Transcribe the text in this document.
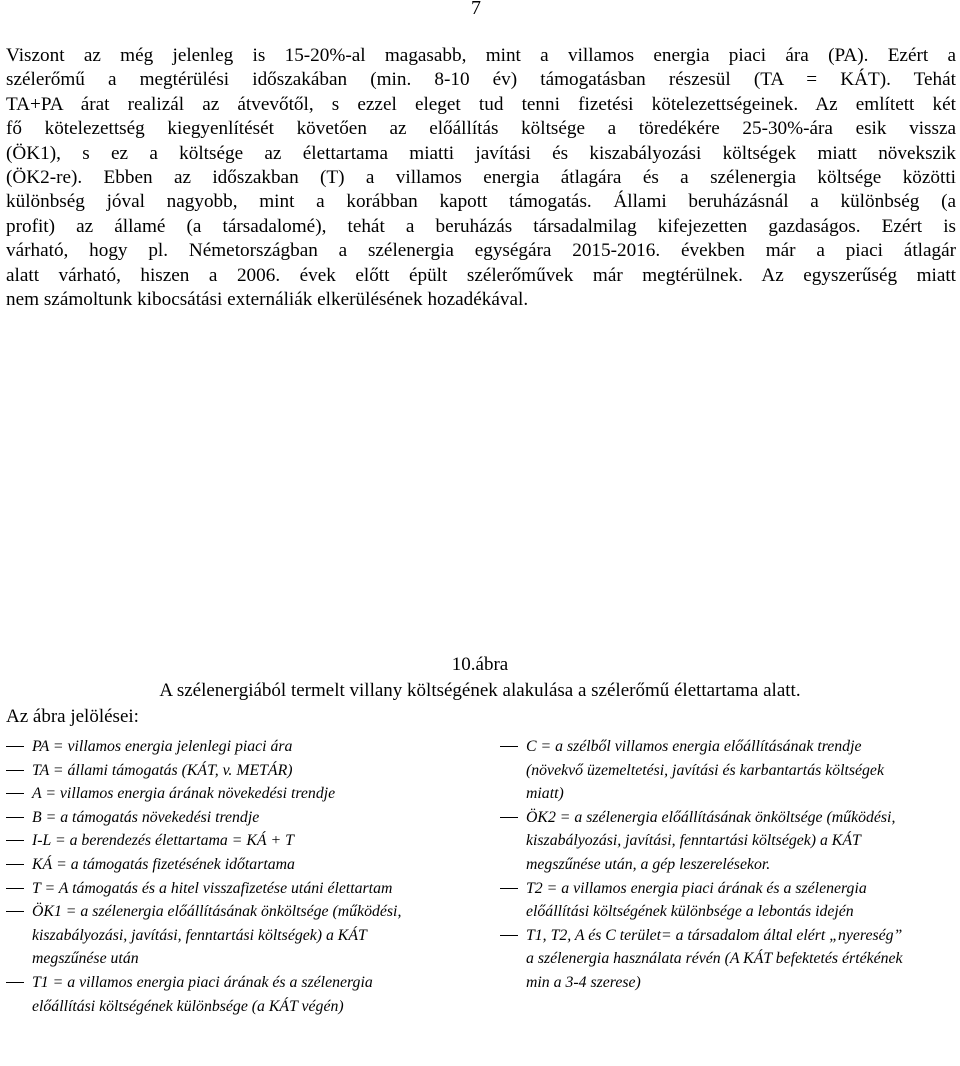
7
Viszont az még jelenleg is 15-20%-al magasabb, mint a villamos energia piaci ára (PA). Ezért a
szélerőmű a megtérülési időszakában (min. 8-10 év) támogatásban részesül (TA = KÁT). Tehát
TA+PA árat realizál az átvevőtől, s ezzel eleget tud tenni fizetési kötelezettségeinek. Az említett két
fő kötelezettség kiegyenlítését követően az előállítás költsége a töredékére 25-30%-ára esik vissza
(ÖK1), s ez a költsége az élettartama miatti javítási és kiszabályozási költségek miatt növekszik
(ÖK2-re). Ebben az időszakban (T) a villamos energia átlagára és a szélenergia költsége közötti
különbség jóval nagyobb, mint a korábban kapott támogatás. Állami beruházásnál a különbség (a
profit) az államé (a társadalomé), tehát a beruházás társadalmilag kifejezetten gazdaságos. Ezért is
várható, hogy pl. Németországban a szélenergia egységára 2015-2016. években már a piaci átlagár
alatt várható, hiszen a 2006. évek előtt épült szélerőművek már megtérülnek. Az egyszerűség miatt
nem számoltunk kibocsátási externáliák elkerülésének hozadékával.
(Ft/kWh)
B
A
C
TA
PA
T1
ÖK₁
T₂
ÖK₂
KÁ	T	(Idő, 25 év)
I	L
10.ábra
A szélenergiából termelt villany költségének alakulása a szélerőmű élettartama alatt.
Az ábra jelölései:
PA = villamos energia jelenlegi piaci ára
TA = állami támogatás (KÁT, v. METÁR)
A = villamos energia árának növekedési trendje
B = a támogatás növekedési trendje
I-L = a berendezés élettartama = KÁ + T
KÁ = a támogatás fizetésének időtartama
T = A támogatás és a hitel visszafizetése utáni élettartam
ÖK1 = a szélenergia előállításának önköltsége (működési, kiszabályozási, javítási, fenntartási költségek) a KÁT megszűnése után
T1 = a villamos energia piaci árának és a szélenergia előállítási költségének különbsége (a KÁT végén)
C = a szélből villamos energia előállításának trendje (növekvő üzemeltetési, javítási és karbantartás költségek miatt)
ÖK2 = a szélenergia előállításának önköltsége (működési, kiszabályozási, javítási, fenntartási költségek) a KÁT megszűnése után, a gép leszerelésekor.
T2 = a villamos energia piaci árának és a szélenergia előállítási költségének különbsége a lebontás idején
T1, T2, A és C terület= a társadalom által elért „nyereség” a szélenergia használata révén (A KÁT befektetés értékének min a 3-4 szerese)
